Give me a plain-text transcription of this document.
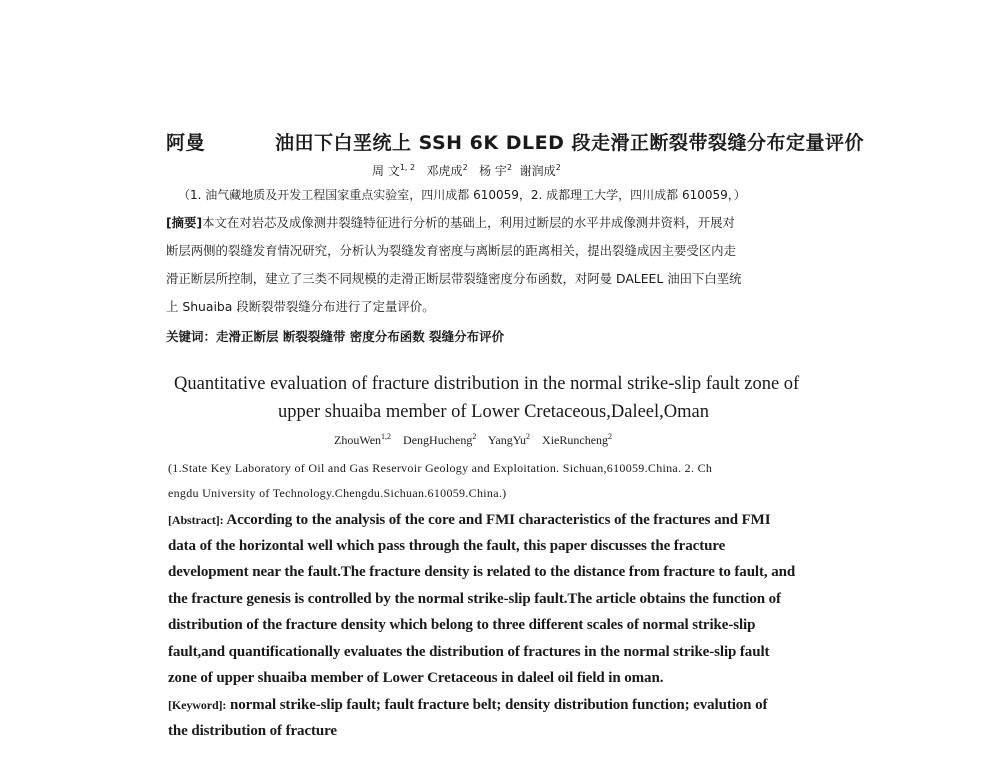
阿曼	油田下白垩统上 SSH 6K DLED 段走滑正断裂带裂缝分布定量评价
周 文$^{1, 2}$ 邓虎成$^2$ 杨 宇$^2$ 谢润成$^2$
（1. 油气藏地质及开发工程国家重点实验室，四川成都 610059，2. 成都理工大学，四川成都 610059，）
[摘要]本文在对岩芯及成像测井裂缝特征进行分析的基础上，利用过断层的水平井成像测井资料，开展对
断层两侧的裂缝发育情况研究，分析认为裂缝发育密度与离断层的距离相关，提出裂缝成因主要受区内走
滑正断层所控制，建立了三类不同规模的走滑正断层带裂缝密度分布函数，对阿曼 DALEEL 油田下白垩统
上 Shuaiba 段断裂带裂缝分布进行了定量评价。
关键词：走滑正断层 断裂裂缝带 密度分布函数 裂缝分布评价
Quantitative evaluation of fracture distribution in the normal strike-slip fault zone of
upper shuaiba member of Lower Cretaceous,Daleel,Oman
ZhouWen$^{1,2}$ DengHucheng$^2$ YangYu$^2$ XieRuncheng$^2$
(1.State Key Laboratory of Oil and Gas Reservoir Geology and Exploitation. Sichuan,610059.China. 2. Ch
engdu University of Technology.Chengdu.Sichuan.610059.China.)
[Abstract]: According to the analysis of the core and FMI characteristics of the fractures and FMI
data of the horizontal well which pass through the fault, this paper discusses the fracture
development near the fault.The fracture density is related to the distance from fracture to fault, and
the fracture genesis is controlled by the normal strike-slip fault.The article obtains the function of
distribution of the fracture density which belong to three different scales of normal strike-slip
fault,and quantificationally evaluates the distribution of fractures in the normal strike-slip fault
zone of upper shuaiba member of Lower Cretaceous in daleel oil field in oman.
[Keyword]: normal strike-slip fault; fault fracture belt; density distribution function; evalution of
the distribution of fracture
